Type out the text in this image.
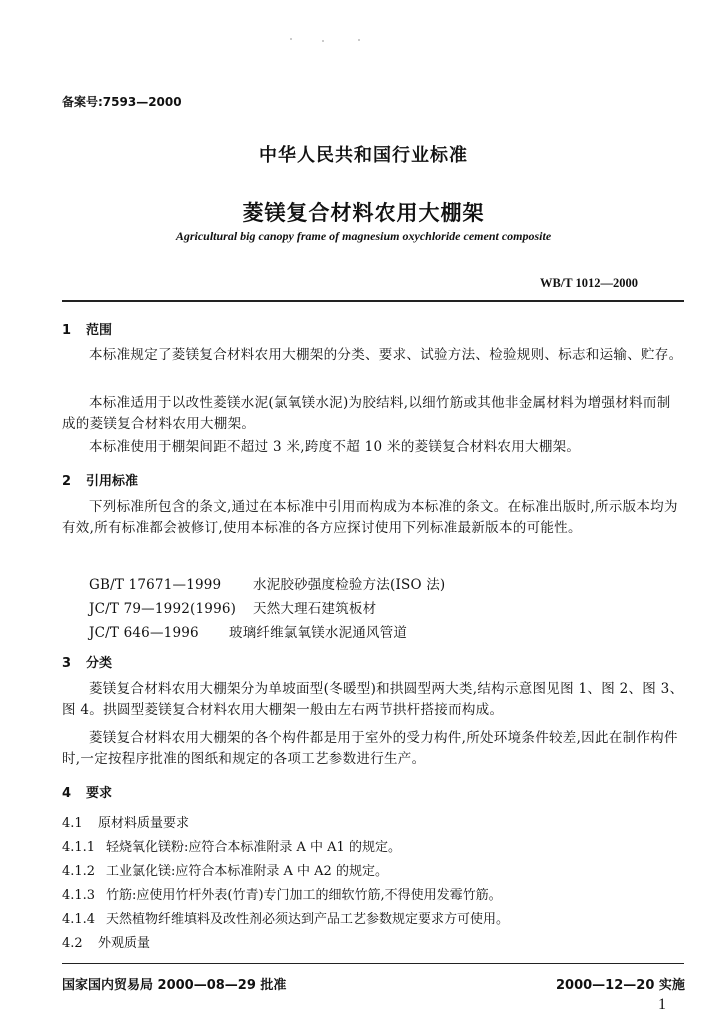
备案号:7593—2000
中华人民共和国行业标准
菱镁复合材料农用大棚架
Agricultural big canopy frame of magnesium oxychloride cement composite
WB/T 1012—2000
1 范围
本标准规定了菱镁复合材料农用大棚架的分类、要求、试验方法、检验规则、标志和运输、贮存。
本标准适用于以改性菱镁水泥(氯氧镁水泥)为胶结料,以细竹筋或其他非金属材料为增强材料而制成的菱镁复合材料农用大棚架。
本标准使用于棚架间距不超过 3 米,跨度不超 10 米的菱镁复合材料农用大棚架。
2 引用标准
下列标准所包含的条文,通过在本标准中引用而构成为本标准的条文。在标准出版时,所示版本均为有效,所有标准都会被修订,使用本标准的各方应探讨使用下列标准最新版本的可能性。
GB/T 17671—1999 水泥胶砂强度检验方法(ISO 法)
JC/T 79—1992(1996) 天然大理石建筑板材
JC/T 646—1996 玻璃纤维氯氧镁水泥通风管道
3 分类
菱镁复合材料农用大棚架分为单坡面型(冬暖型)和拱圆型两大类,结构示意图见图 1、图 2、图 3、图 4。拱圆型菱镁复合材料农用大棚架一般由左右两节拱杆搭接而构成。
菱镁复合材料农用大棚架的各个构件都是用于室外的受力构件,所处环境条件较差,因此在制作构件时,一定按程序批准的图纸和规定的各项工艺参数进行生产。
4 要求
4.1 原材料质量要求
4.1.1 轻烧氧化镁粉:应符合本标准附录 A 中 A1 的规定。
4.1.2 工业氯化镁:应符合本标准附录 A 中 A2 的规定。
4.1.3 竹筋:应使用竹杆外表(竹青)专门加工的细软竹筋,不得使用发霉竹筋。
4.1.4 天然植物纤维填料及改性剂必须达到产品工艺参数规定要求方可使用。
4.2 外观质量
国家国内贸易局 2000—08—29 批准	2000—12—20 实施
1
